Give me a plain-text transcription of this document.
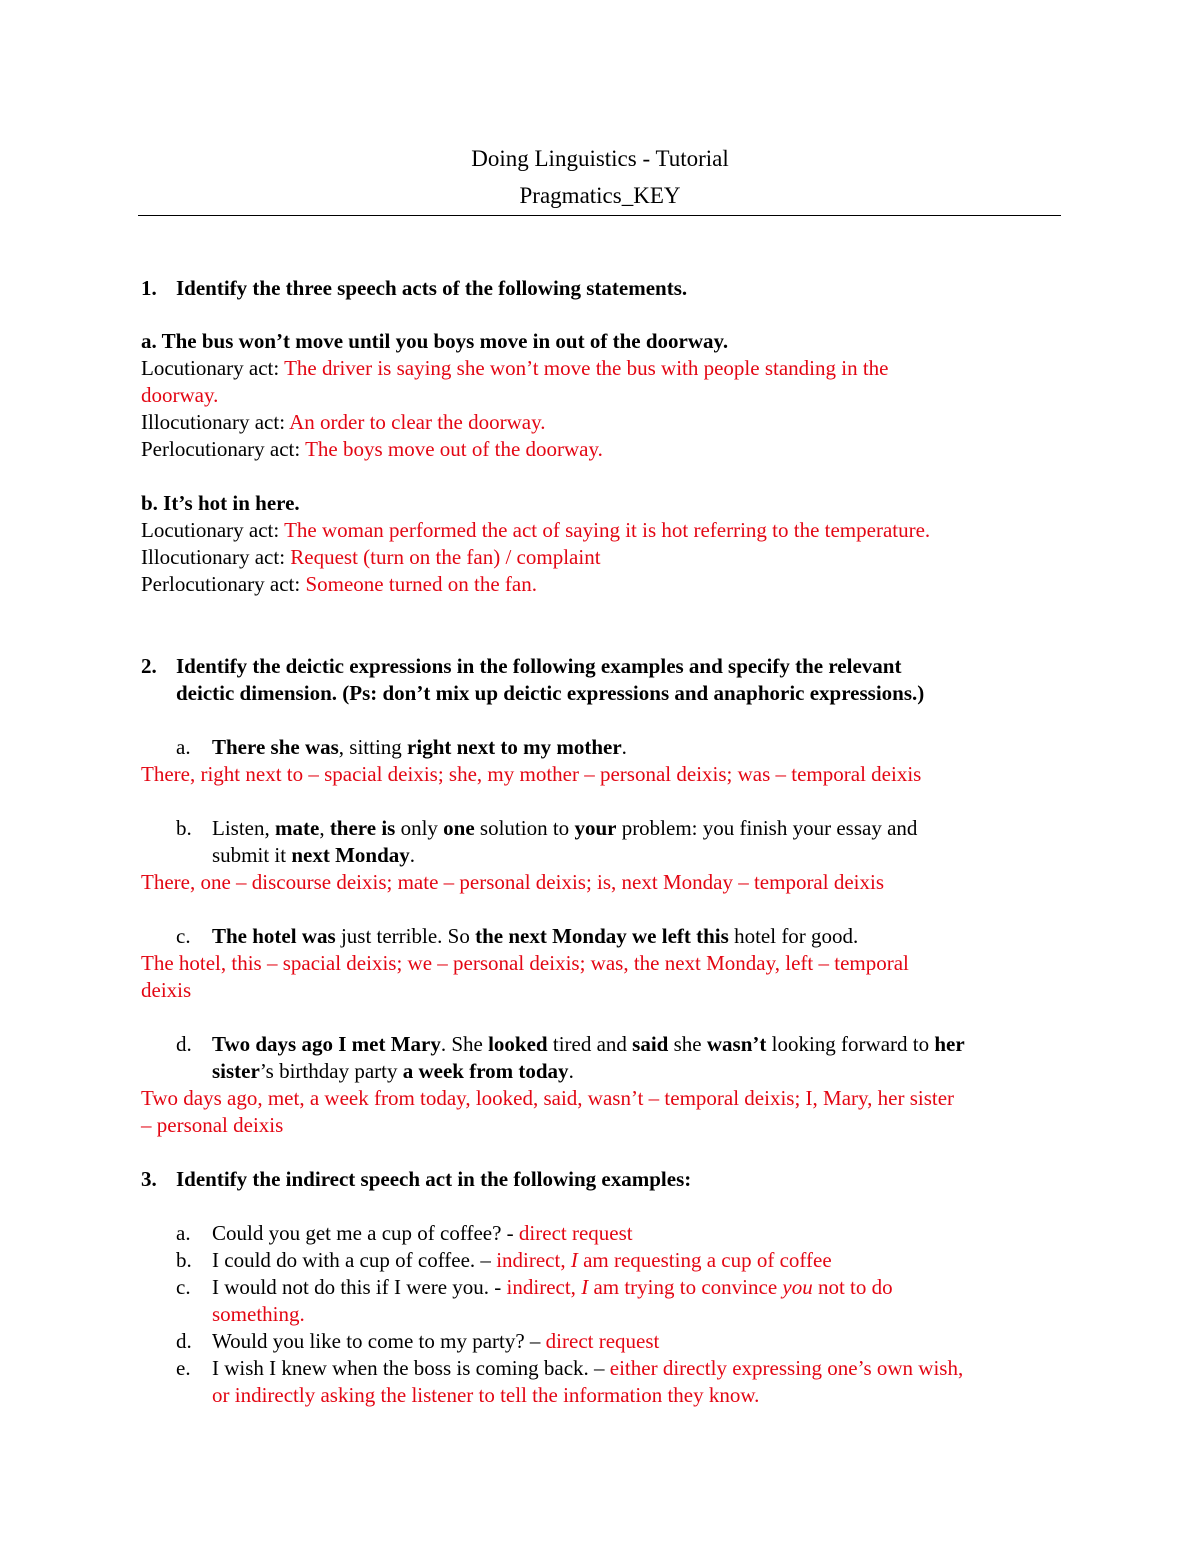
Doing Linguistics - Tutorial
Pragmatics_KEY
1. Identify the three speech acts of the following statements.
a. The bus won’t move until you boys move in out of the doorway.
Locutionary act: The driver is saying she won’t move the bus with people standing in the
doorway.
Illocutionary act: An order to clear the doorway.
Perlocutionary act: The boys move out of the doorway.
b. It’s hot in here.
Locutionary act: The woman performed the act of saying it is hot referring to the temperature.
Illocutionary act: Request (turn on the fan) / complaint
Perlocutionary act: Someone turned on the fan.
2. Identify the deictic expressions in the following examples and specify the relevant
deictic dimension. (Ps: don’t mix up deictic expressions and anaphoric expressions.)
a. There she was, sitting right next to my mother.
There, right next to – spacial deixis; she, my mother – personal deixis; was – temporal deixis
b. Listen, mate, there is only one solution to your problem: you finish your essay and
submit it next Monday.
There, one – discourse deixis; mate – personal deixis; is, next Monday – temporal deixis
c. The hotel was just terrible. So the next Monday we left this hotel for good.
The hotel, this – spacial deixis; we – personal deixis; was, the next Monday, left – temporal
deixis
d. Two days ago I met Mary. She looked tired and said she wasn’t looking forward to her
sister’s birthday party a week from today.
Two days ago, met, a week from today, looked, said, wasn’t – temporal deixis; I, Mary, her sister
– personal deixis
3. Identify the indirect speech act in the following examples:
a. Could you get me a cup of coffee? - direct request
b. I could do with a cup of coffee. – indirect, I am requesting a cup of coffee
c. I would not do this if I were you. - indirect, I am trying to convince you not to do
something.
d. Would you like to come to my party? – direct request
e. I wish I knew when the boss is coming back. – either directly expressing one’s own wish,
or indirectly asking the listener to tell the information they know.
